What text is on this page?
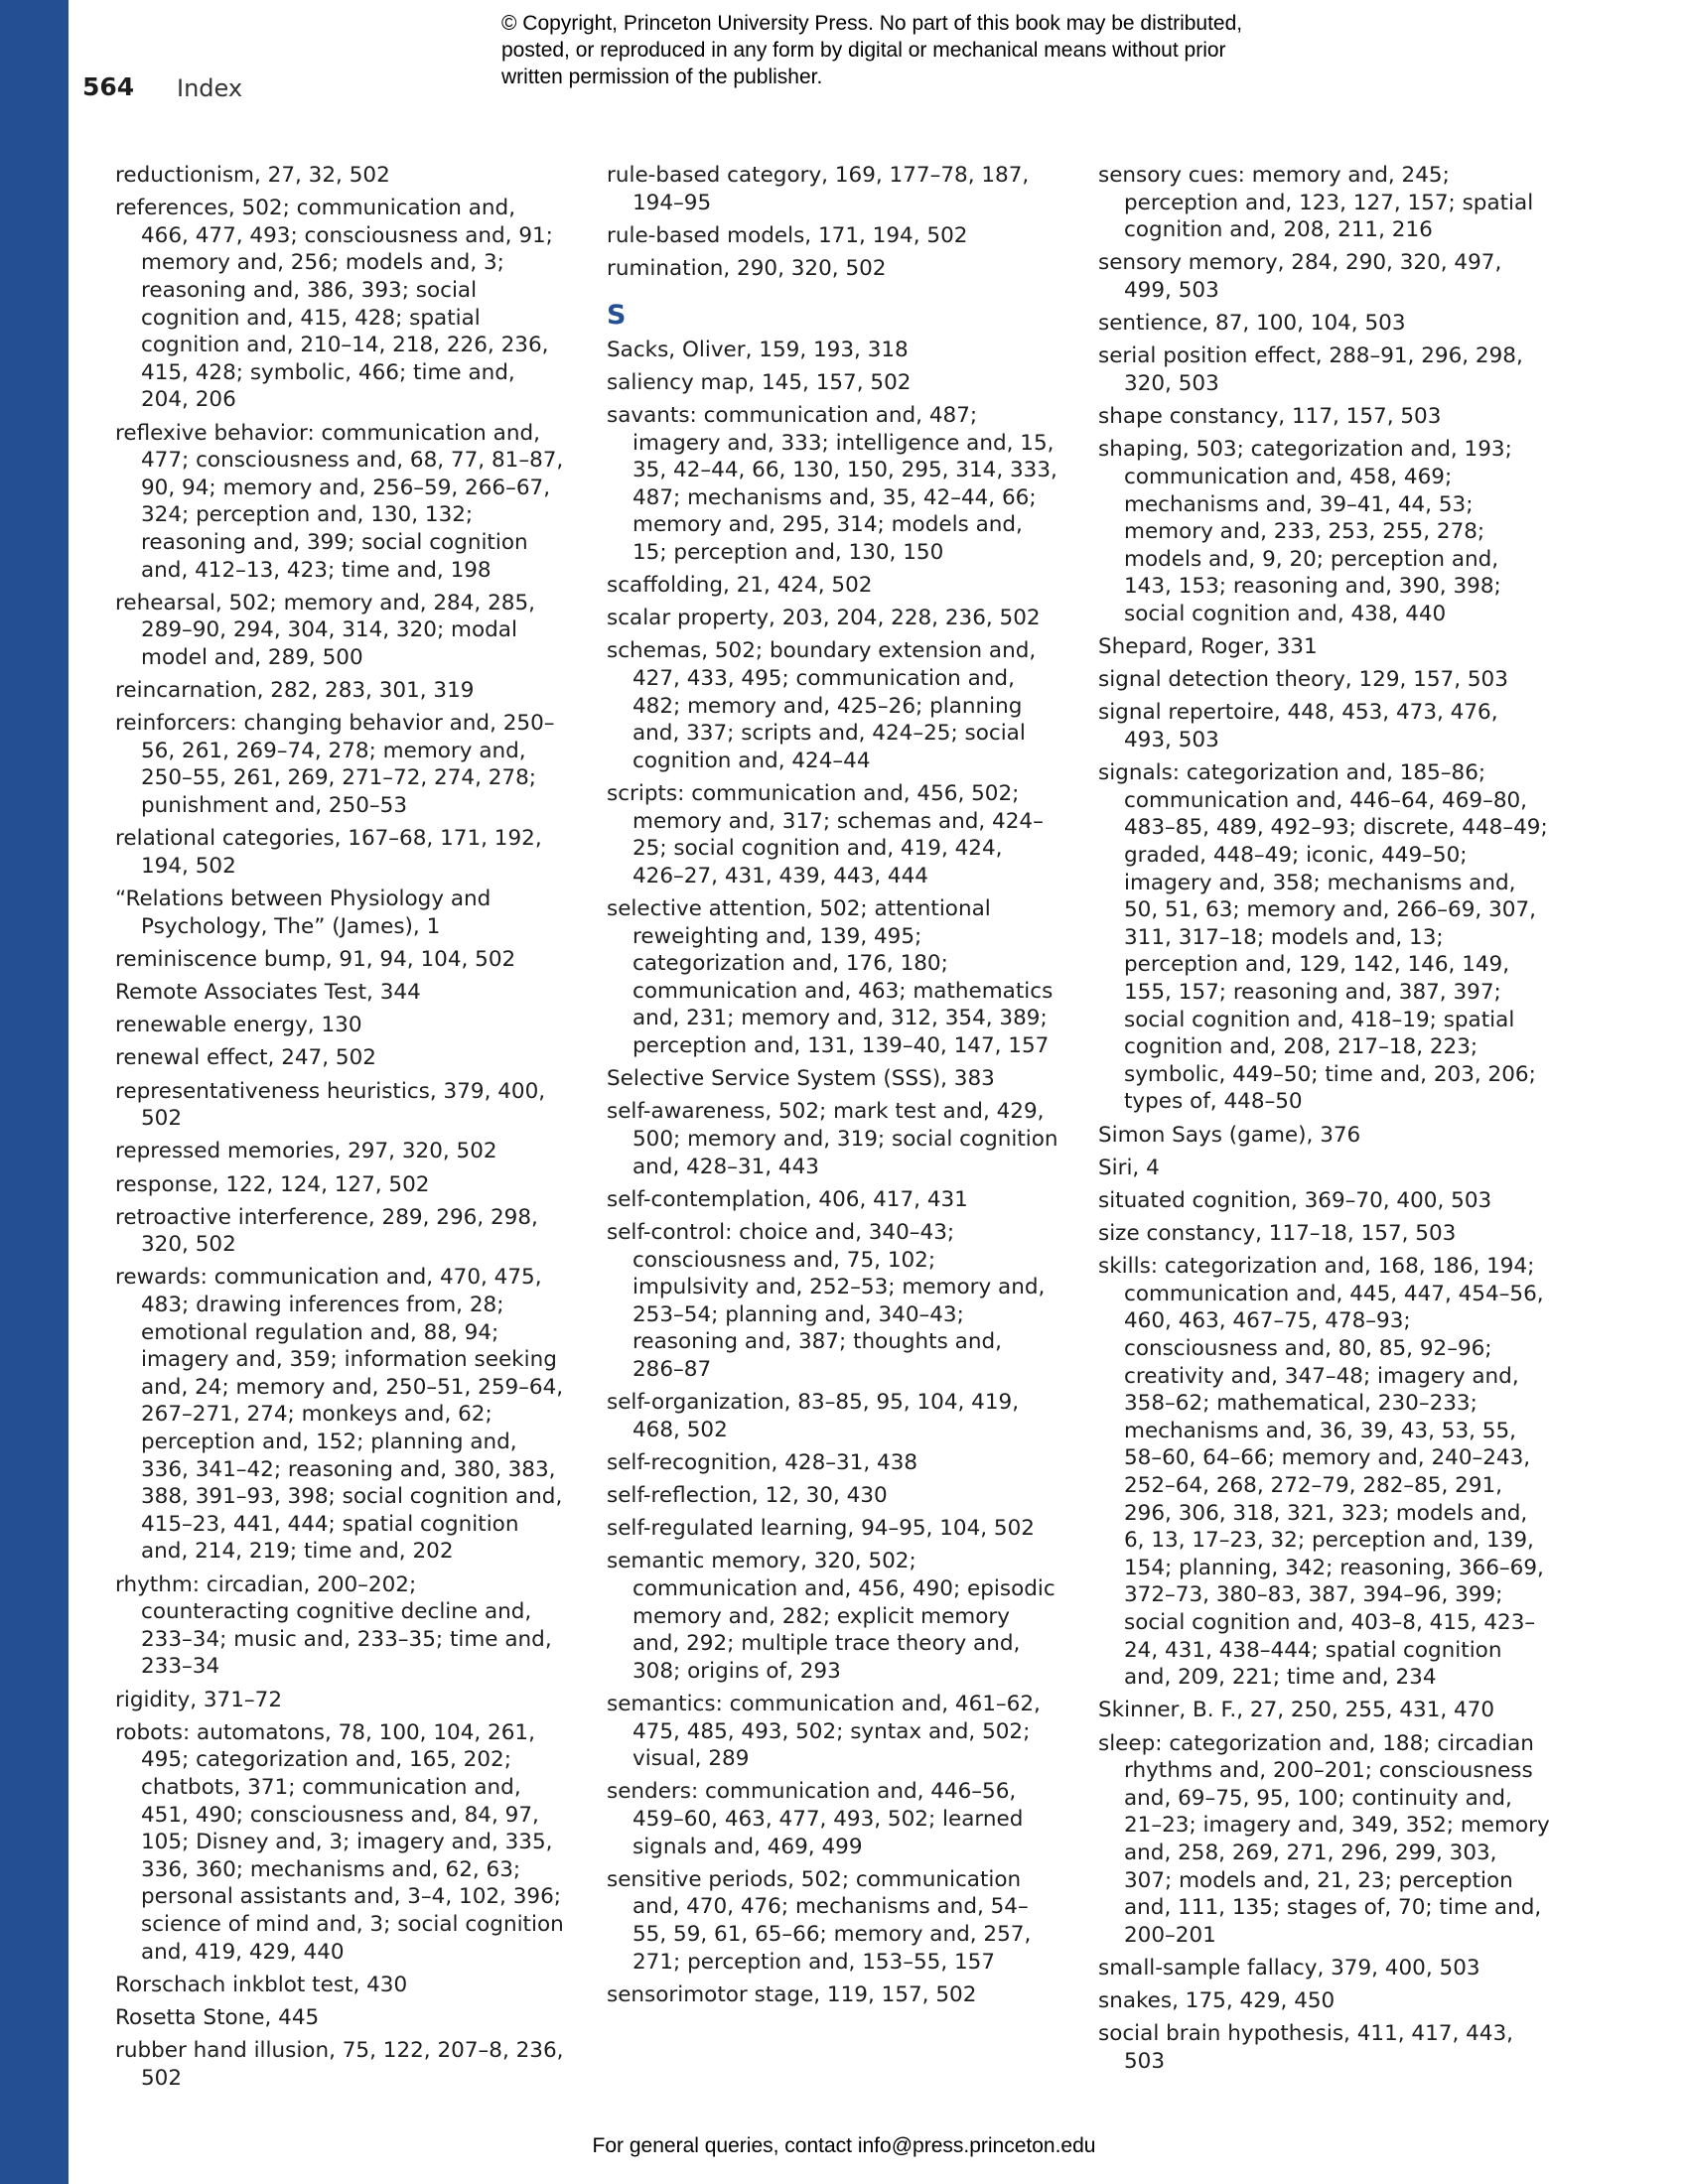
© Copyright, Princeton University Press. No part of this book may be distributed, posted, or reproduced in any form by digital or mechanical means without prior written permission of the publisher.
564 Index
reductionism, 27, 32, 502
references, 502; communication and, 466, 477, 493; consciousness and, 91; memory and, 256; models and, 3; reasoning and, 386, 393; social cognition and, 415, 428; spatial cognition and, 210–14, 218, 226, 236, 415, 428; symbolic, 466; time and, 204, 206
reflexive behavior: communication and, 477; consciousness and, 68, 77, 81–87, 90, 94; memory and, 256–59, 266–67, 324; perception and, 130, 132; reasoning and, 399; social cognition and, 412–13, 423; time and, 198
rehearsal, 502; memory and, 284, 285, 289–90, 294, 304, 314, 320; modal model and, 289, 500
reincarnation, 282, 283, 301, 319
reinforcers: changing behavior and, 250–56, 261, 269–74, 278; memory and, 250–55, 261, 269, 271–72, 274, 278; punishment and, 250–53
relational categories, 167–68, 171, 192, 194, 502
“Relations between Physiology and Psychology, The” (James), 1
reminiscence bump, 91, 94, 104, 502
Remote Associates Test, 344
renewable energy, 130
renewal effect, 247, 502
representativeness heuristics, 379, 400, 502
repressed memories, 297, 320, 502
response, 122, 124, 127, 502
retroactive interference, 289, 296, 298, 320, 502
rewards: communication and, 470, 475, 483; drawing inferences from, 28; emotional regulation and, 88, 94; imagery and, 359; information seeking and, 24; memory and, 250–51, 259–64, 267–271, 274; monkeys and, 62; perception and, 152; planning and, 336, 341–42; reasoning and, 380, 383, 388, 391–93, 398; social cognition and, 415–23, 441, 444; spatial cognition and, 214, 219; time and, 202
rhythm: circadian, 200–202; counteracting cognitive decline and, 233–34; music and, 233–35; time and, 233–34
rigidity, 371–72
robots: automatons, 78, 100, 104, 261, 495; categorization and, 165, 202; chatbots, 371; communication and, 451, 490; consciousness and, 84, 97, 105; Disney and, 3; imagery and, 335, 336, 360; mechanisms and, 62, 63; personal assistants and, 3–4, 102, 396; science of mind and, 3; social cognition and, 419, 429, 440
Rorschach inkblot test, 430
Rosetta Stone, 445
rubber hand illusion, 75, 122, 207–8, 236, 502
rule-based category, 169, 177–78, 187, 194–95
rule-based models, 171, 194, 502
rumination, 290, 320, 502
S
Sacks, Oliver, 159, 193, 318
saliency map, 145, 157, 502
savants: communication and, 487; imagery and, 333; intelligence and, 15, 35, 42–44, 66, 130, 150, 295, 314, 333, 487; mechanisms and, 35, 42–44, 66; memory and, 295, 314; models and, 15; perception and, 130, 150
scaffolding, 21, 424, 502
scalar property, 203, 204, 228, 236, 502
schemas, 502; boundary extension and, 427, 433, 495; communication and, 482; memory and, 425–26; planning and, 337; scripts and, 424–25; social cognition and, 424–44
scripts: communication and, 456, 502; memory and, 317; schemas and, 424–25; social cognition and, 419, 424, 426–27, 431, 439, 443, 444
selective attention, 502; attentional reweighting and, 139, 495; categorization and, 176, 180; communication and, 463; mathematics and, 231; memory and, 312, 354, 389; perception and, 131, 139–40, 147, 157
Selective Service System (SSS), 383
self-awareness, 502; mark test and, 429, 500; memory and, 319; social cognition and, 428–31, 443
self-contemplation, 406, 417, 431
self-control: choice and, 340–43; consciousness and, 75, 102; impulsivity and, 252–53; memory and, 253–54; planning and, 340–43; reasoning and, 387; thoughts and, 286–87
self-organization, 83–85, 95, 104, 419, 468, 502
self-recognition, 428–31, 438
self-reflection, 12, 30, 430
self-regulated learning, 94–95, 104, 502
semantic memory, 320, 502; communication and, 456, 490; episodic memory and, 282; explicit memory and, 292; multiple trace theory and, 308; origins of, 293
semantics: communication and, 461–62, 475, 485, 493, 502; syntax and, 502; visual, 289
senders: communication and, 446–56, 459–60, 463, 477, 493, 502; learned signals and, 469, 499
sensitive periods, 502; communication and, 470, 476; mechanisms and, 54–55, 59, 61, 65–66; memory and, 257, 271; perception and, 153–55, 157
sensorimotor stage, 119, 157, 502
sensory cues: memory and, 245; perception and, 123, 127, 157; spatial cognition and, 208, 211, 216
sensory memory, 284, 290, 320, 497, 499, 503
sentience, 87, 100, 104, 503
serial position effect, 288–91, 296, 298, 320, 503
shape constancy, 117, 157, 503
shaping, 503; categorization and, 193; communication and, 458, 469; mechanisms and, 39–41, 44, 53; memory and, 233, 253, 255, 278; models and, 9, 20; perception and, 143, 153; reasoning and, 390, 398; social cognition and, 438, 440
Shepard, Roger, 331
signal detection theory, 129, 157, 503
signal repertoire, 448, 453, 473, 476, 493, 503
signals: categorization and, 185–86; communication and, 446–64, 469–80, 483–85, 489, 492–93; discrete, 448–49; graded, 448–49; iconic, 449–50; imagery and, 358; mechanisms and, 50, 51, 63; memory and, 266–69, 307, 311, 317–18; models and, 13; perception and, 129, 142, 146, 149, 155, 157; reasoning and, 387, 397; social cognition and, 418–19; spatial cognition and, 208, 217–18, 223; symbolic, 449–50; time and, 203, 206; types of, 448–50
Simon Says (game), 376
Siri, 4
situated cognition, 369–70, 400, 503
size constancy, 117–18, 157, 503
skills: categorization and, 168, 186, 194; communication and, 445, 447, 454–56, 460, 463, 467–75, 478–93; consciousness and, 80, 85, 92–96; creativity and, 347–48; imagery and, 358–62; mathematical, 230–233; mechanisms and, 36, 39, 43, 53, 55, 58–60, 64–66; memory and, 240–243, 252–64, 268, 272–79, 282–85, 291, 296, 306, 318, 321, 323; models and, 6, 13, 17–23, 32; perception and, 139, 154; planning, 342; reasoning, 366–69, 372–73, 380–83, 387, 394–96, 399; social cognition and, 403–8, 415, 423–24, 431, 438–444; spatial cognition and, 209, 221; time and, 234
Skinner, B. F., 27, 250, 255, 431, 470
sleep: categorization and, 188; circadian rhythms and, 200–201; consciousness and, 69–75, 95, 100; continuity and, 21–23; imagery and, 349, 352; memory and, 258, 269, 271, 296, 299, 303, 307; models and, 21, 23; perception and, 111, 135; stages of, 70; time and, 200–201
small-sample fallacy, 379, 400, 503
snakes, 175, 429, 450
social brain hypothesis, 411, 417, 443, 503
For general queries, contact info@press.princeton.edu
